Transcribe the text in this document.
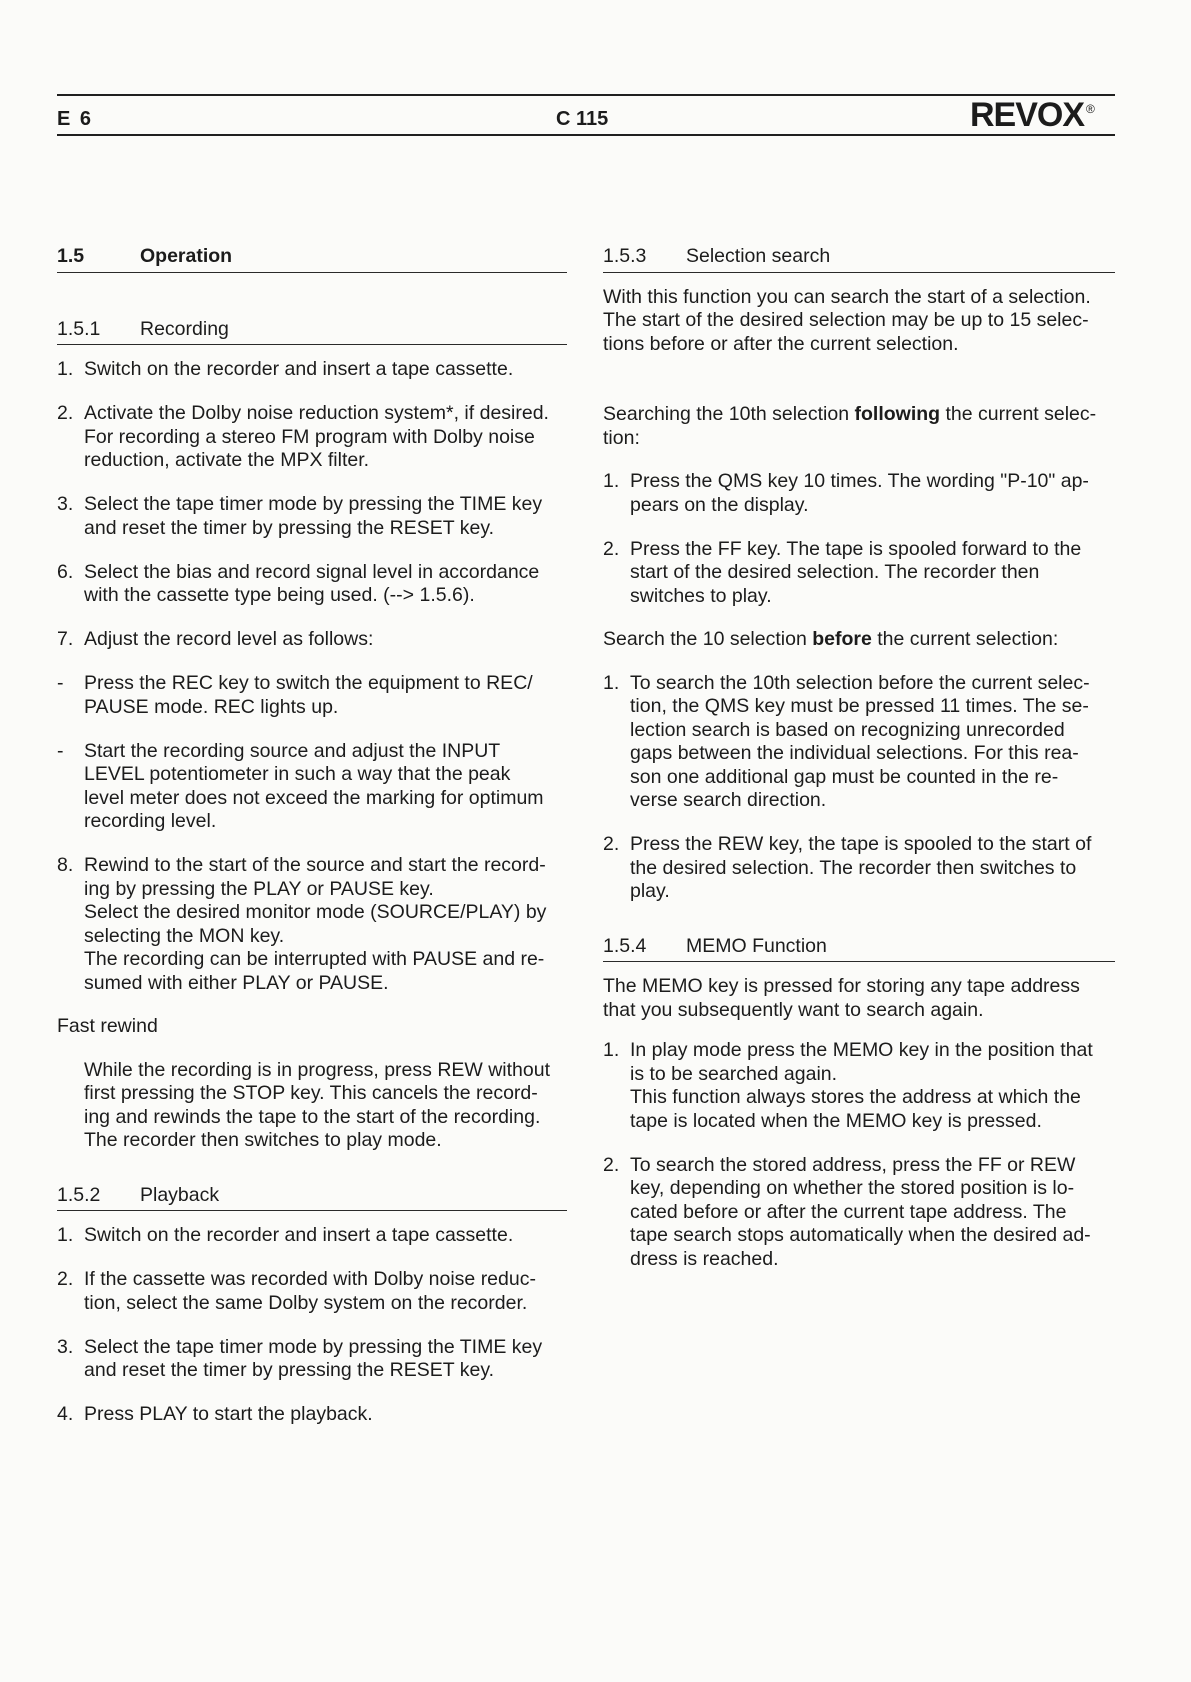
E 6	C 115	REVOX ®
1.5	Operation
1.5.1	Recording
1. Switch on the recorder and insert a tape cassette.
2. Activate the Dolby noise reduction system*, if desired.
For recording a stereo FM program with Dolby noise
reduction, activate the MPX filter.
3. Select the tape timer mode by pressing the TIME key
and reset the timer by pressing the RESET key.
6. Select the bias and record signal level in accordance
with the cassette type being used. (--> 1.5.6).
7. Adjust the record level as follows:
-	Press the REC key to switch the equipment to REC/
PAUSE mode. REC lights up.
-	Start the recording source and adjust the INPUT
LEVEL potentiometer in such a way that the peak
level meter does not exceed the marking for optimum
recording level.
8. Rewind to the start of the source and start the record-
ing by pressing the PLAY or PAUSE key.
Select the desired monitor mode (SOURCE/PLAY) by
selecting the MON key.
The recording can be interrupted with PAUSE and re-
sumed with either PLAY or PAUSE.

Fast rewind

While the recording is in progress, press REW without
first pressing the STOP key. This cancels the record-
ing and rewinds the tape to the start of the recording.
The recorder then switches to play mode.
1.5.2	Playback
1. Switch on the recorder and insert a tape cassette.
2. If the cassette was recorded with Dolby noise reduc-
tion, select the same Dolby system on the recorder.
3. Select the tape timer mode by pressing the TIME key
and reset the timer by pressing the RESET key.
4. Press PLAY to start the playback.
1.5.3	Selection search
With this function you can search the start of a selection.
The start of the desired selection may be up to 15 selec-
tions before or after the current selection.

Searching the 10th selection following the current selec-
tion:

1. Press the QMS key 10 times. The wording "P-10" ap-
pears on the display.
2. Press the FF key. The tape is spooled forward to the
start of the desired selection. The recorder then
switches to play.

Search the 10 selection before the current selection:

1. To search the 10th selection before the current selec-
tion, the QMS key must be pressed 11 times. The se-
lection search is based on recognizing unrecorded
gaps between the individual selections. For this rea-
son one additional gap must be counted in the re-
verse search direction.
2. Press the REW key, the tape is spooled to the start of
the desired selection. The recorder then switches to
play.
1.5.4	MEMO Function
The MEMO key is pressed for storing any tape address
that you subsequently want to search again.
1. In play mode press the MEMO key in the position that
is to be searched again.
This function always stores the address at which the
tape is located when the MEMO key is pressed.
2. To search the stored address, press the FF or REW
key, depending on whether the stored position is lo-
cated before or after the current tape address. The
tape search stops automatically when the desired ad-
dress is reached.
